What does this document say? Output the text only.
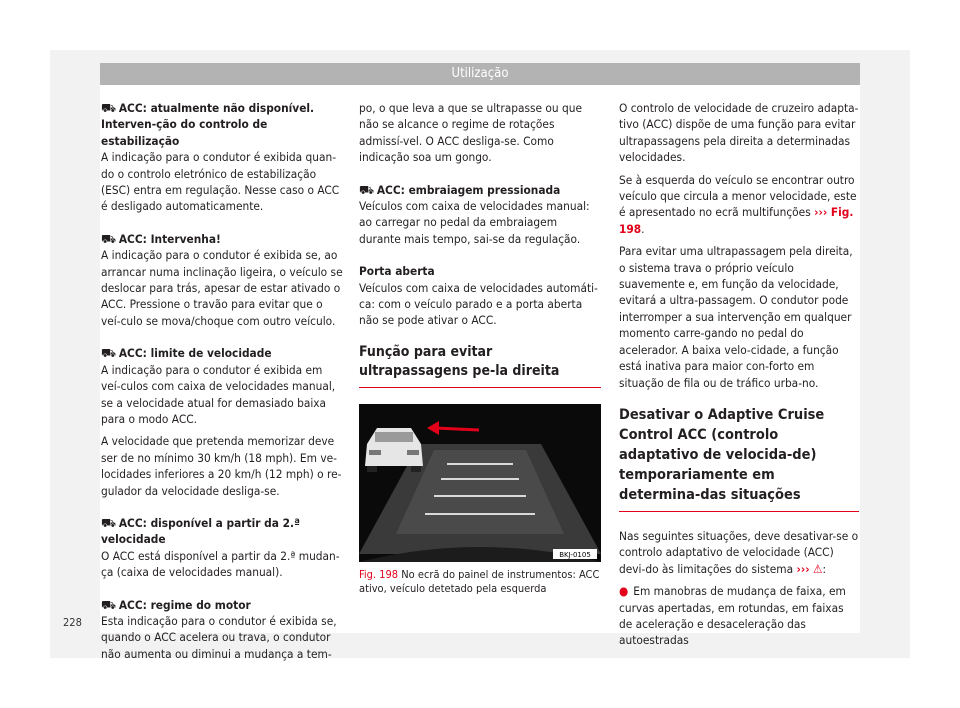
Utilização
⛟ ACC: atualmente não disponível. Interven-ção do controlo de estabilização

A indicação para o condutor é exibida quan-do o controlo eletrónico de estabilização (ESC) entra em regulação. Nesse caso o ACC é desligado automaticamente.

⛟ ACC: Intervenha!

A indicação para o condutor é exibida se, ao arrancar numa inclinação ligeira, o veículo se deslocar para trás, apesar de estar ativado o ACC. Pressione o travão para evitar que o veí-culo se mova/choque com outro veículo.

⛟ ACC: limite de velocidade

A indicação para o condutor é exibida em veí-culos com caixa de velocidades manual, se a velocidade atual for demasiado baixa para o modo ACC.

A velocidade que pretenda memorizar deve ser de no mínimo 30 km/h (18 mph). Em ve-locidades inferiores a 20 km/h (12 mph) o re-gulador da velocidade desliga-se.

⛟ ACC: disponível a partir da 2.ª velocidade

O ACC está disponível a partir da 2.ª mudan-ça (caixa de velocidades manual).

⛟ ACC: regime do motor

Esta indicação para o condutor é exibida se, quando o ACC acelera ou trava, o condutor não aumenta ou diminui a mudança a tem-

po, o que leva a que se ultrapasse ou que não se alcance o regime de rotações admissí-vel. O ACC desliga-se. Como indicação soa um gongo.

⛟ ACC: embraiagem pressionada

Veículos com caixa de velocidades manual: ao carregar no pedal da embraiagem durante mais tempo, sai-se da regulação.

Porta aberta

Veículos com caixa de velocidades automáti-ca: com o veículo parado e a porta aberta não se pode ativar o ACC.

Função para evitar ultrapassagens pe-la direita
BKJ-0105
Fig. 198 No ecrã do painel de instrumentos: ACC ativo, veículo detetado pela esquerda

O controlo de velocidade de cruzeiro adapta-tivo (ACC) dispõe de uma função para evitar ultrapassagens pela direita a determinadas velocidades.

Se à esquerda do veículo se encontrar outro veículo que circula a menor velocidade, este é apresentado no ecrã multifunções ››› Fig. 198.

Para evitar uma ultrapassagem pela direita, o sistema trava o próprio veículo suavemente e, em função da velocidade, evitará a ultra-passagem. O condutor pode interromper a sua intervenção em qualquer momento carre-gando no pedal do acelerador. A baixa velo-cidade, a função está inativa para maior con-forto em situação de fila ou de tráfico urba-no.

Desativar o Adaptive Cruise Control ACC (controlo adaptativo de velocida-de) temporariamente em determina-das situações

Nas seguintes situações, deve desativar-se o controlo adaptativo de velocidade (ACC) devi-do às limitações do sistema ››› ⚠:

● Em manobras de mudança de faixa, em curvas apertadas, em rotundas, em faixas de aceleração e desaceleração das autoestradas

228
